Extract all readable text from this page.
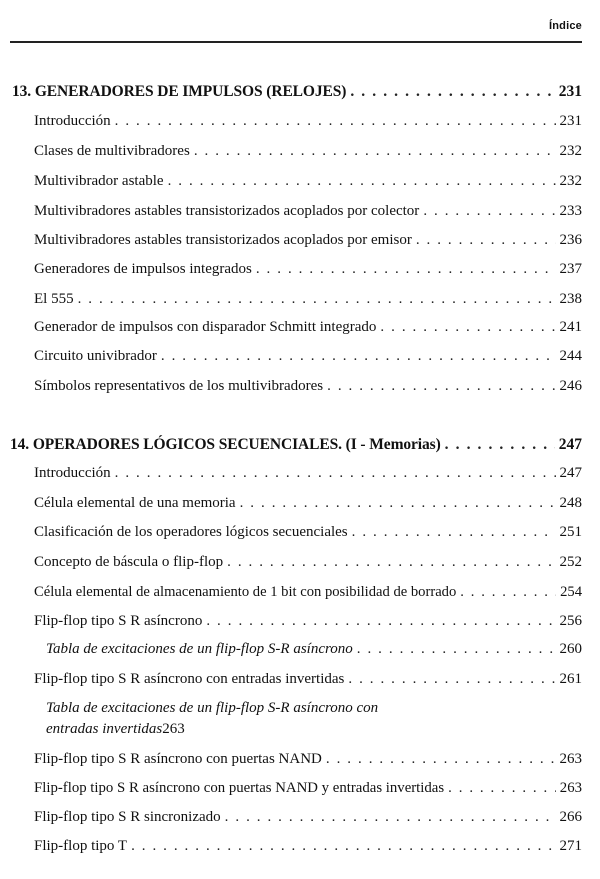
Índice
13. GENERADORES DE IMPULSOS (RELOJES) . . .	231
Introducción . . .	231
Clases de multivibradores . . .	232
Multivibrador astable . . .	232
Multivibradores astables transistorizados acoplados por colector . . .	233
Multivibradores astables transistorizados acoplados por emisor . . .	236
Generadores de impulsos integrados . . .	237
El 555 . . .	238
Generador de impulsos con disparador Schmitt integrado . . .	241
Circuito univibrador . . .	244
Símbolos representativos de los multivibradores . . .	246
14. OPERADORES LÓGICOS SECUENCIALES. (I - Memorias) . . .	247
Introducción . . .	247
Célula elemental de una memoria . . .	248
Clasificación de los operadores lógicos secuenciales . . .	251
Concepto de báscula o flip-flop . . .	252
Célula elemental de almacenamiento de 1 bit con posibilidad de borrado . . .	254
Flip-flop tipo S R asíncrono . . .	256
Tabla de excitaciones de un flip-flop S-R asíncrono . . .	260
Flip-flop tipo S R asíncrono con entradas invertidas . . .	261
Tabla de excitaciones de un flip-flop S-R asíncrono con
entradas invertidas 263
Flip-flop tipo S R asíncrono con puertas NAND . . .	263
Flip-flop tipo S R asíncrono con puertas NAND y entradas invertidas . . .	263
Flip-flop tipo S R sincronizado . . .	266
Flip-flop tipo T . . .	271
